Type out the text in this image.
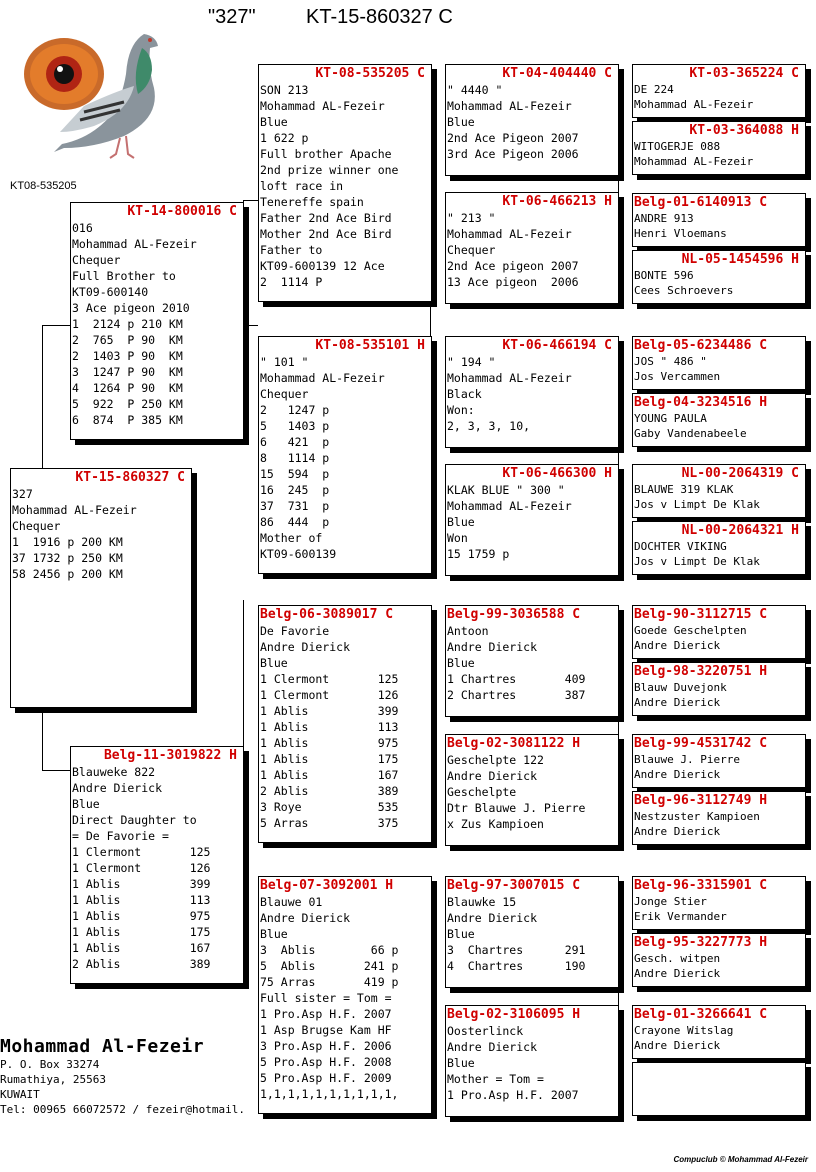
"327"	KT-15-860327 C
KT08-535205
KT-15-860327 C
327
Mohammad AL-Fezeir
Chequer
1  1916 p 200 KM
37 1732 p 250 KM
58 2456 p 200 KM
KT-14-800016 C
016
Mohammad AL-Fezeir
Chequer
Full Brother to
KT09-600140
3 Ace pigeon 2010
1  2124 p 210 KM
2  765  P 90  KM
2  1403 P 90  KM
3  1247 P 90  KM
4  1264 P 90  KM
5  922  P 250 KM
6  874  P 385 KM
Belg-11-3019822 H
Blauweke 822
Andre Dierick
Blue
Direct Daughter to
= De Favorie =
1 Clermont       125
1 Clermont       126
1 Ablis          399
1 Ablis          113
1 Ablis          975
1 Ablis          175
1 Ablis          167
2 Ablis          389
KT-08-535205 C
SON 213
Mohammad AL-Fezeir
Blue
1 622 p
Full brother Apache
2nd prize winner one
loft race in
Tenereffe spain
Father 2nd Ace Bird
Mother 2nd Ace Bird
Father to
KT09-600139 12 Ace
2  1114 P
KT-08-535101 H
" 101 "
Mohammad AL-Fezeir
Chequer
2   1247 p
5   1403 p
6   421  p
8   1114 p
15  594  p
16  245  p
37  731  p
86  444  p
Mother of
KT09-600139
Belg-06-3089017 C
De Favorie
Andre Dierick
Blue
1 Clermont       125
1 Clermont       126
1 Ablis          399
1 Ablis          113
1 Ablis          975
1 Ablis          175
1 Ablis          167
2 Ablis          389
3 Roye           535
5 Arras          375
Belg-07-3092001 H
Blauwe 01
Andre Dierick
Blue
3  Ablis        66 p
5  Ablis       241 p
75 Arras       419 p
Full sister = Tom =
1 Pro.Asp H.F. 2007
1 Asp Brugse Kam HF
3 Pro.Asp H.F. 2006
5 Pro.Asp H.F. 2008
5 Pro.Asp H.F. 2009
1,1,1,1,1,1,1,1,1,1,
KT-04-404440 C
" 4440 "
Mohammad AL-Fezeir
Blue
2nd Ace Pigeon 2007
3rd Ace Pigeon 2006
KT-06-466213 H
" 213 "
Mohammad AL-Fezeir
Chequer
2nd Ace pigeon 2007
13 Ace pigeon  2006
KT-06-466194 C
" 194 "
Mohammad AL-Fezeir
Black
Won:
2, 3, 3, 10,
KT-06-466300 H
KLAK BLUE " 300 "
Mohammad AL-Fezeir
Blue
Won
15 1759 p
Belg-99-3036588 C
Antoon
Andre Dierick
Blue
1 Chartres       409
2 Chartres       387
Belg-02-3081122 H
Geschelpte 122
Andre Dierick
Geschelpte
Dtr Blauwe J. Pierre
x Zus Kampioen
Belg-97-3007015 C
Blauwke 15
Andre Dierick
Blue
3  Chartres      291
4  Chartres      190
Belg-02-3106095 H
Oosterlinck
Andre Dierick
Blue
Mother = Tom =
1 Pro.Asp H.F. 2007
KT-03-365224 C
DE 224
Mohammad AL-Fezeir
KT-03-364088 H
WITOGERJE 088
Mohammad AL-Fezeir
Belg-01-6140913 C
ANDRE 913
Henri Vloemans
NL-05-1454596 H
BONTE 596
Cees Schroevers
Belg-05-6234486 C
JOS " 486 "
Jos Vercammen
Belg-04-3234516 H
YOUNG PAULA
Gaby Vandenabeele
NL-00-2064319 C
BLAUWE 319 KLAK
Jos v Limpt De Klak
NL-00-2064321 H
DOCHTER VIKING
Jos v Limpt De Klak
Belg-90-3112715 C
Goede Geschelpten
Andre Dierick
Belg-98-3220751 H
Blauw Duvejonk
Andre Dierick
Belg-99-4531742 C
Blauwe J. Pierre
Andre Dierick
Belg-96-3112749 H
Nestzuster Kampioen
Andre Dierick
Belg-96-3315901 C
Jonge Stier
Erik Vermander
Belg-95-3227773 H
Gesch. witpen
Andre Dierick
Belg-01-3266641 C
Crayone Witslag
Andre Dierick
Mohammad Al-Fezeir
P. O. Box 33274
Rumathiya, 25563
KUWAIT
Tel: 00965 66072572 / fezeir@hotmail.
Compuclub © Mohammad Al-Fezeir
